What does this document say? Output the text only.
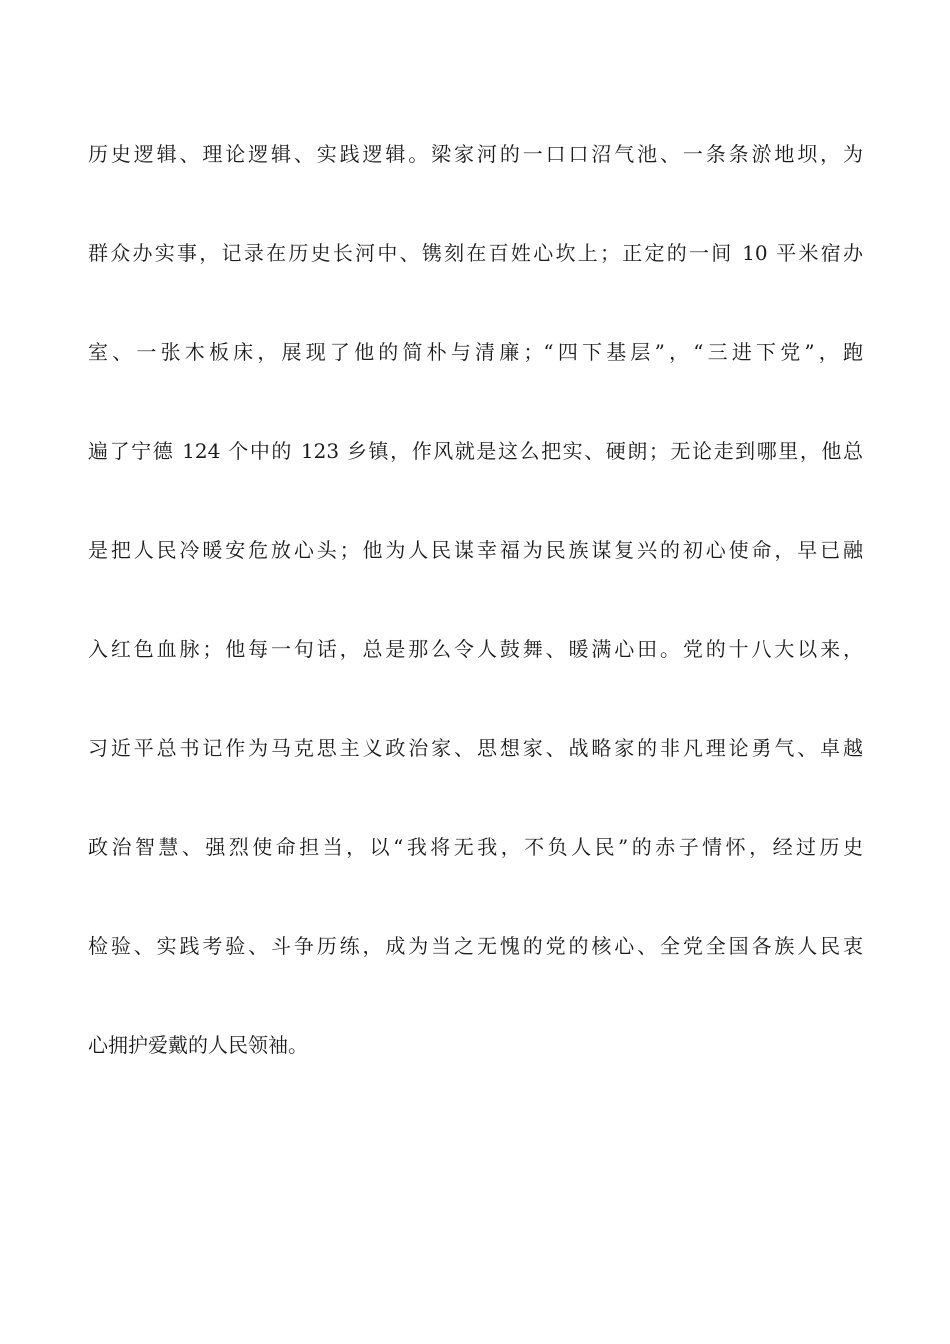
历史逻辑、理论逻辑、实践逻辑。梁家河的一口口沼气池、一条条淤地坝，为
群众办实事，记录在历史长河中、镌刻在百姓心坎上；正定的一间 10 平米宿办
室、一张木板床，展现了他的简朴与清廉；“四下基层”，“三进下党”，跑
遍了宁德 124 个中的 123 乡镇，作风就是这么把实、硬朗；无论走到哪里，他总
是把人民冷暖安危放心头；他为人民谋幸福为民族谋复兴的初心使命，早已融
入红色血脉；他每一句话，总是那么令人鼓舞、暖满心田。党的十八大以来，
习近平总书记作为马克思主义政治家、思想家、战略家的非凡理论勇气、卓越
政治智慧、强烈使命担当，以“我将无我，不负人民”的赤子情怀，经过历史
检验、实践考验、斗争历练，成为当之无愧的党的核心、全党全国各族人民衷
心拥护爱戴的人民领袖。
